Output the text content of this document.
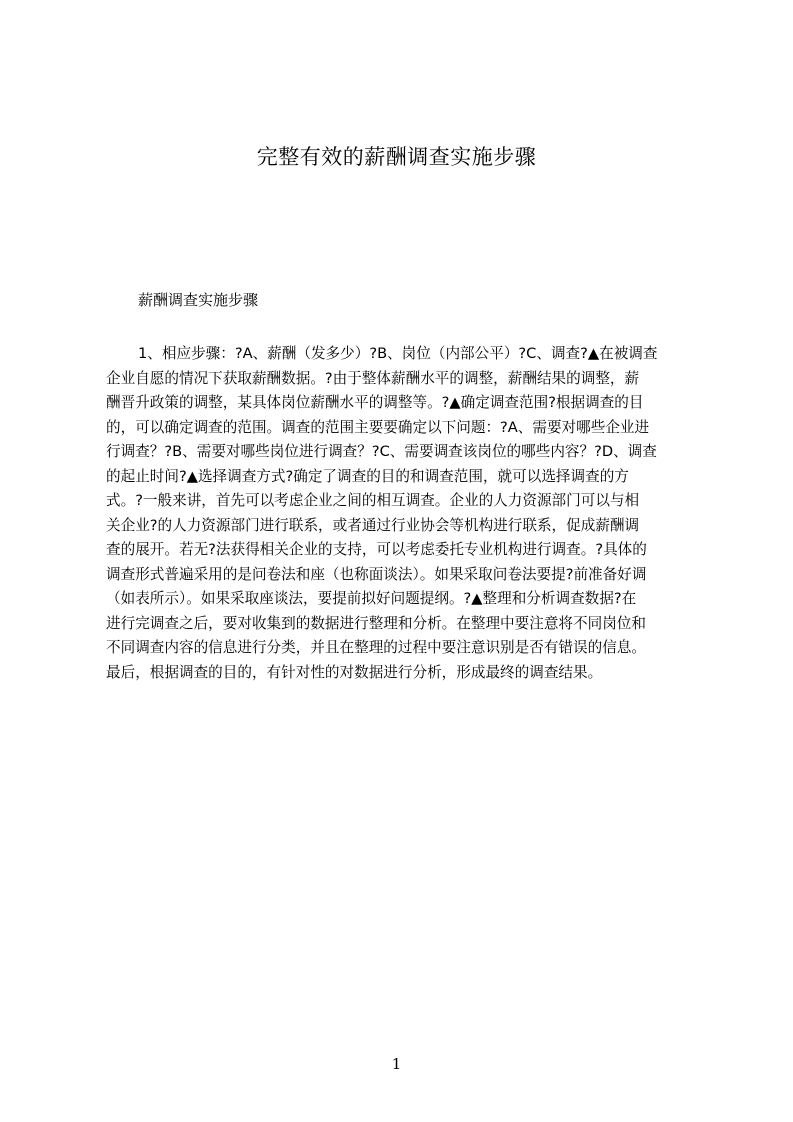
完整有效的薪酬调查实施步骤

薪酬调查实施步骤

1、相应步骤：?A、薪酬（发多少）?B、岗位（内部公平）?C、调查?▲在被调查
企业自愿的情况下获取薪酬数据。?由于整体薪酬水平的调整，薪酬结果的调整，薪
酬晋升政策的调整，某具体岗位薪酬水平的调整等。?▲确定调查范围?根据调查的目
的，可以确定调查的范围。调查的范围主要要确定以下问题：?A、需要对哪些企业进
行调查？?B、需要对哪些岗位进行调查？?C、需要调查该岗位的哪些内容？?D、调查
的起止时间?▲选择调查方式?确定了调查的目的和调查范围，就可以选择调查的方
式。?一般来讲，首先可以考虑企业之间的相互调查。企业的人力资源部门可以与相
关企业?的人力资源部门进行联系，或者通过行业协会等机构进行联系，促成薪酬调
查的展开。若无?法获得相关企业的支持，可以考虑委托专业机构进行调查。?具体的
调查形式普遍采用的是问卷法和座（也称面谈法）。如果采取问卷法要提?前准备好调
（如表所示）。如果采取座谈法，要提前拟好问题提纲。?▲整理和分析调查数据?在
进行完调查之后，要对收集到的数据进行整理和分析。在整理中要注意将不同岗位和
不同调查内容的信息进行分类，并且在整理的过程中要注意识别是否有错误的信息。
最后，根据调查的目的，有针对性的对数据进行分析，形成最终的调查结果。
1
